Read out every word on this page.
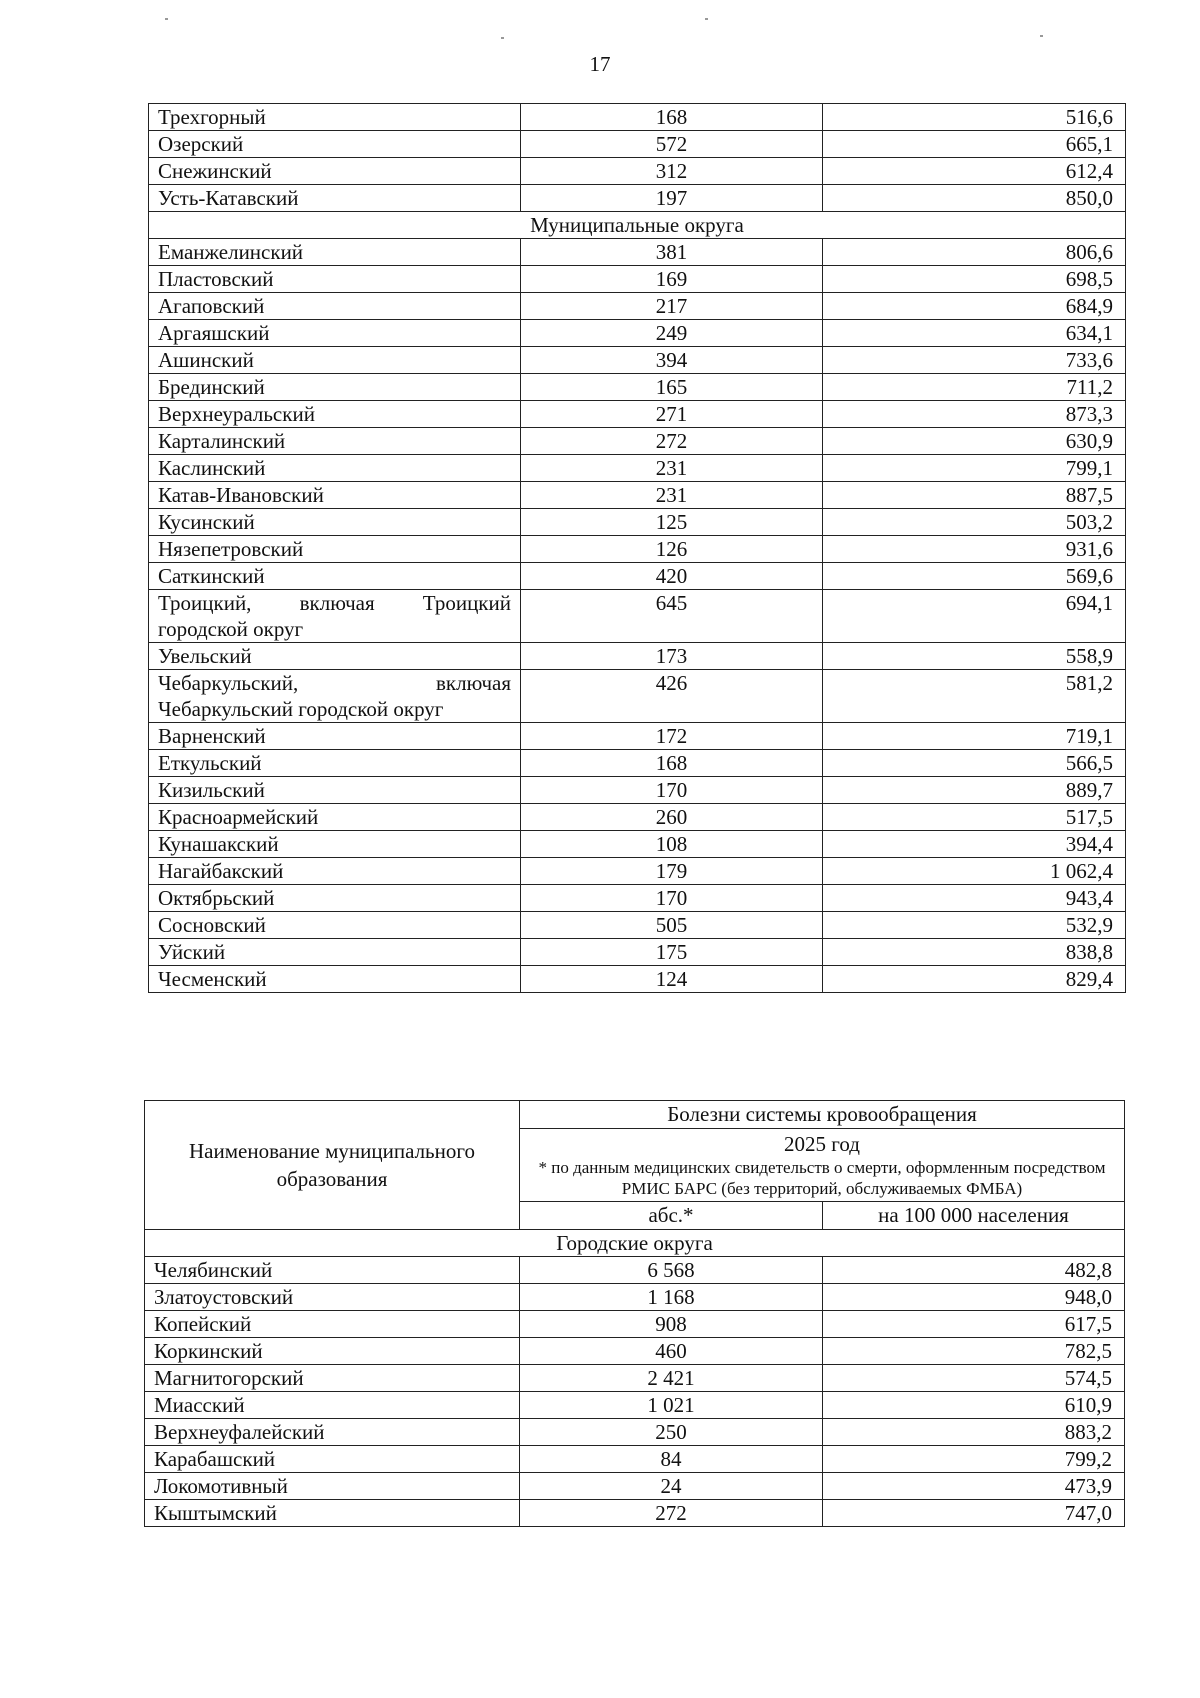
17
Трехгорный	168	516,6
Озерский	572	665,1
Снежинский	312	612,4
Усть-Катавский	197	850,0
Муниципальные округа		
Еманжелинский	381	806,6
Пластовский	169	698,5
Агаповский	217	684,9
Аргаяшский	249	634,1
Ашинский	394	733,6
Брединский	165	711,2
Верхнеуральский	271	873,3
Карталинский	272	630,9
Каслинский	231	799,1
Катав-Ивановский	231	887,5
Кусинский	125	503,2
Нязепетровский	126	931,6
Саткинский	420	569,6
Троицкий, включая Троицкий городской округ	645	694,1
Увельский	173	558,9
Чебаркульский, включая Чебаркульский городской округ	426	581,2
Варненский	172	719,1
Еткульский	168	566,5
Кизильский	170	889,7
Красноармейский	260	517,5
Кунашакский	108	394,4
Нагайбакский	179	1 062,4
Октябрьский	170	943,4
Сосновский	505	532,9
Уйский	175	838,8
Чесменский	124	829,4
Наименование муниципального образования	Болезни системы кровообращения	

	2025 год
* по данным медицинских свидетельств о смерти, оформленным посредством РМИС БАРС (без территорий, обслуживаемых ФМБА)	

	абс.*	на 100 000 населения
Городские округа		
Челябинский	6 568	482,8
Златоустовский	1 168	948,0
Копейский	908	617,5
Коркинский	460	782,5
Магнитогорский	2 421	574,5
Миасский	1 021	610,9
Верхнеуфалейский	250	883,2
Карабашский	84	799,2
Локомотивный	24	473,9
Кыштымский	272	747,0
